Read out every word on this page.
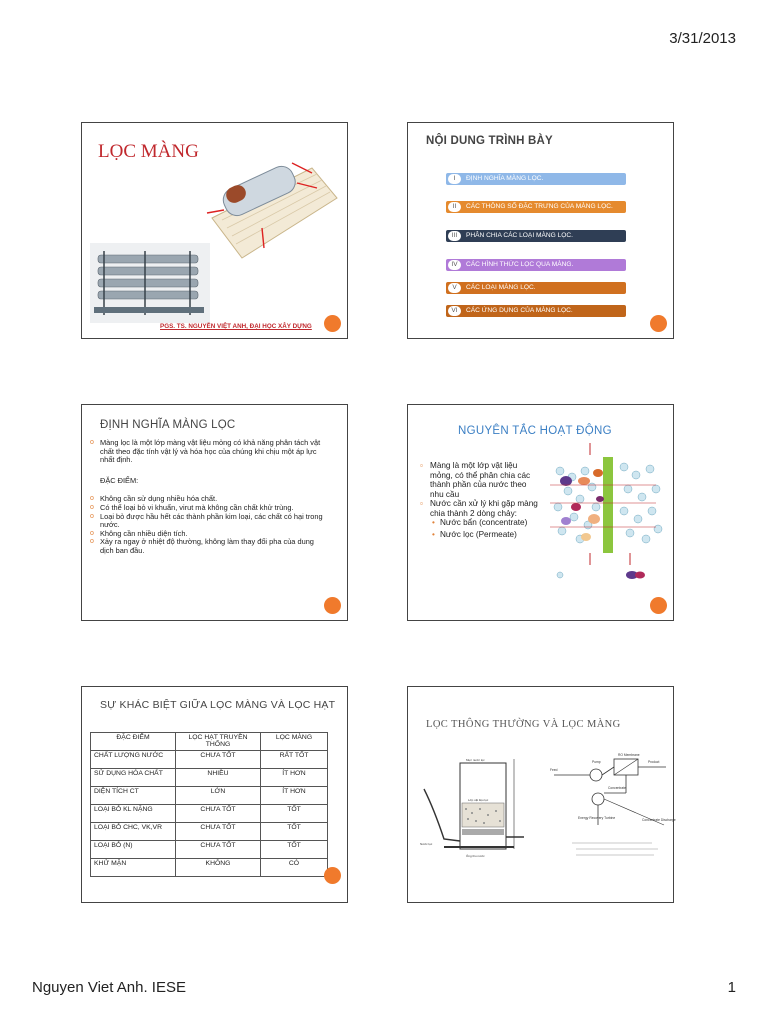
3/31/2013
LỌC MÀNG
PGS. TS. NGUYỄN VIỆT ANH, ĐẠI HỌC XÂY DỰNG
NỘI DUNG TRÌNH BÀY
I	ĐỊNH NGHĨA MÀNG LỌC.
II	CÁC THÔNG SỐ ĐẶC TRƯNG CỦA MÀNG LỌC.
III	PHÂN CHIA CÁC LOẠI MÀNG LỌC.
IV	CÁC HÌNH THỨC LỌC QUA MÀNG.
V	CÁC LOẠI MÀNG LỌC.
VI	CÁC ỨNG DỤNG CỦA MÀNG LỌC.
ĐỊNH NGHĨA MÀNG LỌC
o Màng lọc là một lớp màng vật liệu mỏng có khả năng phân tách vật chất theo đặc tính vật lý và hóa học của chúng khi chịu một áp lực nhất định.
ĐẶC ĐIỂM:
o Không cần sử dụng nhiều hóa chất.
o Có thể loại bỏ vi khuẩn, virut mà không cần chất khử trùng.
o Loại bỏ được hầu hết các thành phần kim loại, các chất có hại trong nước.
o Không cần nhiều diện tích.
o Xảy ra ngay ở nhiệt độ thường, không làm thay đổi pha của dung dịch ban đầu.
NGUYÊN TẮC HOẠT ĐỘNG
▫ Màng là một lớp vật liệu mỏng, có thể phân chia các thành phần của nước theo nhu cầu
▫ Nước cần xử lý khi gặp màng chia thành 2 dòng chảy:
• Nước bẩn (concentrate)
• Nước lọc (Permeate)
SỰ KHÁC BIỆT GIỮA LỌC MÀNG VÀ LỌC HẠT
ĐẶC ĐIỂM	LỌC HẠT TRUYỀN THỐNG	LỌC MÀNG
CHẤT LƯỢNG NƯỚC	CHƯA TỐT	RẤT TỐT
SỬ DỤNG HÓA CHẤT	NHIỀU	ÍT HƠN
DIỆN TÍCH CT	LỚN	ÍT HƠN
LOẠI BỎ KL NẶNG	CHƯA TỐT	TỐT
LOẠI BỎ CHC, VK,VR	CHƯA TỐT	TỐT
LOẠI BỎ (N)	CHƯA TỐT	TỐT
KHỬ MẶN	KHÔNG	CÓ
LỌC THÔNG THƯỜNG VÀ LỌC MÀNG
Mực nước lọc
Lớp vật liệu lọc
Nước lọc
Ống thu nước
Pump
RO Membrane
Feed
Concentrate
Product
Energy Recovery Turbine	Concentrate Discharge
Nguyen Viet Anh. IESE	1
